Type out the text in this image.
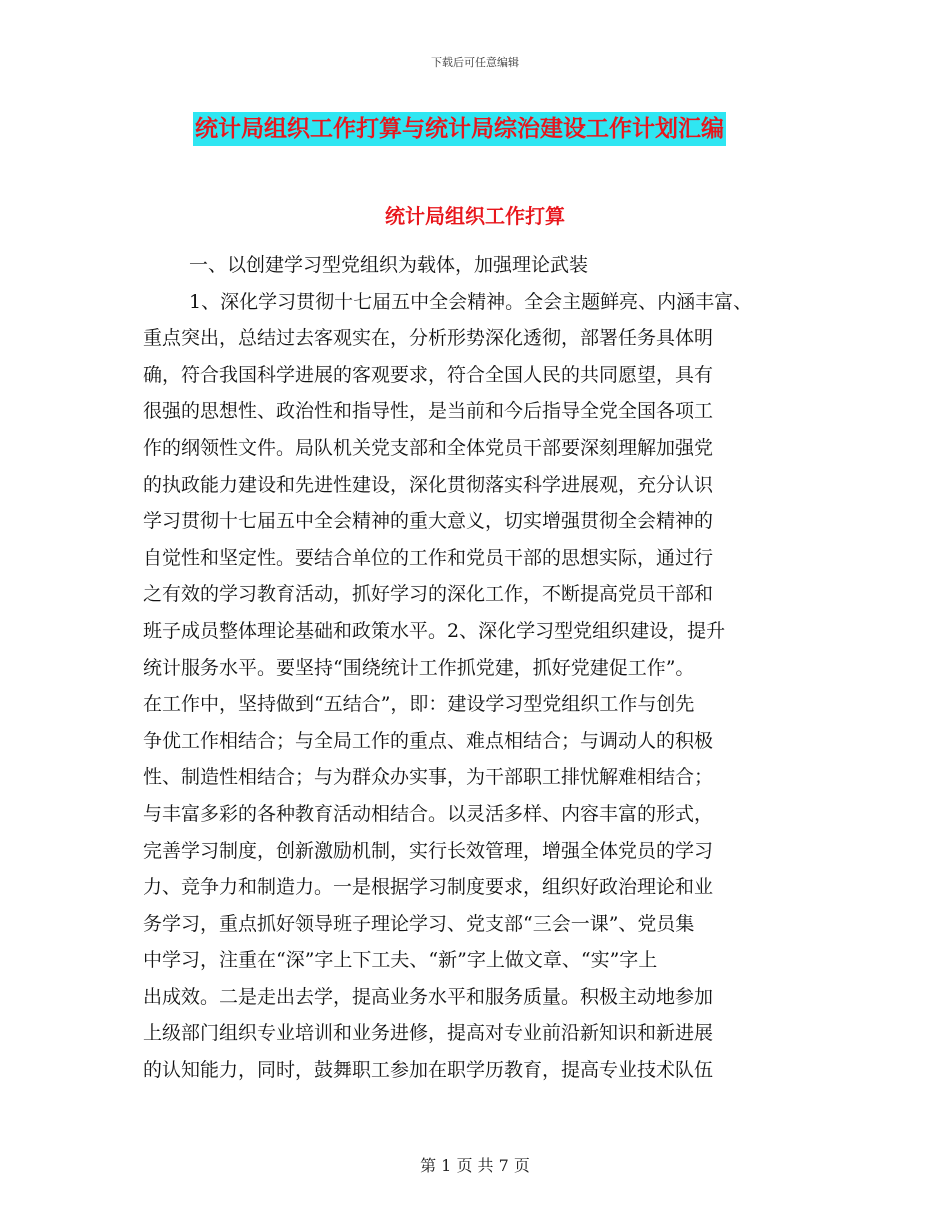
下载后可任意编辑
统计局组织工作打算与统计局综治建设工作计划汇编
统计局组织工作打算
一、以创建学习型党组织为载体，加强理论武装
1、深化学习贯彻十七届五中全会精神。全会主题鲜亮、内涵丰富、
重点突出，总结过去客观实在，分析形势深化透彻，部署任务具体明
确，符合我国科学进展的客观要求，符合全国人民的共同愿望，具有
很强的思想性、政治性和指导性，是当前和今后指导全党全国各项工
作的纲领性文件。局队机关党支部和全体党员干部要深刻理解加强党
的执政能力建设和先进性建设，深化贯彻落实科学进展观，充分认识
学习贯彻十七届五中全会精神的重大意义，切实增强贯彻全会精神的
自觉性和坚定性。要结合单位的工作和党员干部的思想实际，通过行
之有效的学习教育活动，抓好学习的深化工作，不断提高党员干部和
班子成员整体理论基础和政策水平。2、深化学习型党组织建设，提升
统计服务水平。要坚持“围绕统计工作抓党建，抓好党建促工作”。
在工作中，坚持做到“五结合”，即：建设学习型党组织工作与创先
争优工作相结合；与全局工作的重点、难点相结合；与调动人的积极
性、制造性相结合；与为群众办实事，为干部职工排忧解难相结合；
与丰富多彩的各种教育活动相结合。以灵活多样、内容丰富的形式，
完善学习制度，创新激励机制，实行长效管理，增强全体党员的学习
力、竞争力和制造力。一是根据学习制度要求，组织好政治理论和业
务学习，重点抓好领导班子理论学习、党支部“三会一课”、党员集
中学习，注重在“深”字上下工夫、“新”字上做文章、“实”字上
出成效。二是走出去学，提高业务水平和服务质量。积极主动地参加
上级部门组织专业培训和业务进修，提高对专业前沿新知识和新进展
的认知能力，同时，鼓舞职工参加在职学历教育，提高专业技术队伍
第 1 页 共 7 页
